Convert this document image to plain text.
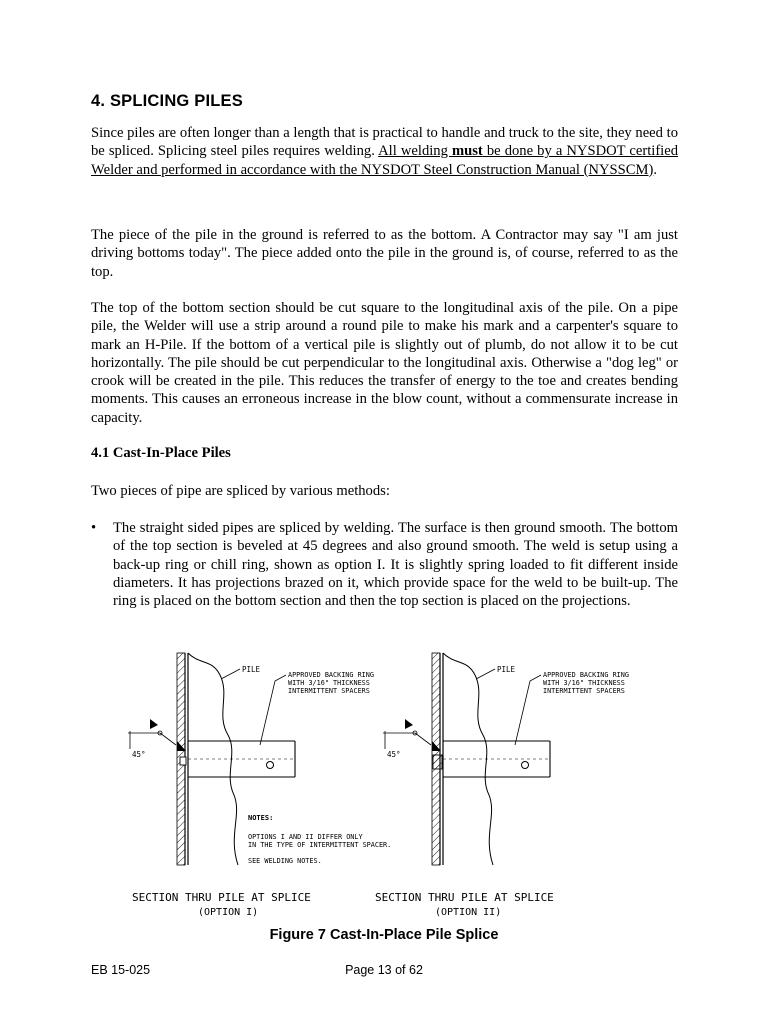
4. SPLICING PILES

Since piles are often longer than a length that is practical to handle and truck to the site, they need to be spliced. Splicing steel piles requires welding. All welding must be done by a NYSDOT certified Welder and performed in accordance with the NYSDOT Steel Construction Manual (NYSSCM).

The piece of the pile in the ground is referred to as the bottom. A Contractor may say "I am just driving bottoms today". The piece added onto the pile in the ground is, of course, referred to as the top.

The top of the bottom section should be cut square to the longitudinal axis of the pile. On a pipe pile, the Welder will use a strip around a round pile to make his mark and a carpenter's square to mark an H-Pile. If the bottom of a vertical pile is slightly out of plumb, do not allow it to be cut horizontally. The pile should be cut perpendicular to the longitudinal axis. Otherwise a "dog leg" or crook will be created in the pile. This reduces the transfer of energy to the toe and creates bending moments. This causes an erroneous increase in the blow count, without a commensurate increase in capacity.

4.1 Cast-In-Place Piles

Two pieces of pipe are spliced by various methods:

• The straight sided pipes are spliced by welding. The surface is then ground smooth. The bottom of the top section is beveled at 45 degrees and also ground smooth. The weld is setup using a back-up ring or chill ring, shown as option I. It is slightly spring loaded to fit different inside diameters. It has projections brazed on it, which provide space for the weld to be built-up. The ring is placed on the bottom section and then the top section is placed on the projections.

45°
PILE
APPROVED BACKING RING
WITH 3/16" THICKNESS
INTERMITTENT SPACERS
SECTION THRU PILE AT SPLICE
(OPTION I)
NOTES:
OPTIONS I AND II DIFFER ONLY
IN THE TYPE OF INTERMITTENT SPACER.
SEE WELDING NOTES.
45°
PILE
APPROVED BACKING RING
WITH 3/16" THICKNESS
INTERMITTENT SPACERS
SECTION THRU PILE AT SPLICE
(OPTION II)
Figure 7 Cast-In-Place Pile Splice
EB 15-025	Page 13 of 62
